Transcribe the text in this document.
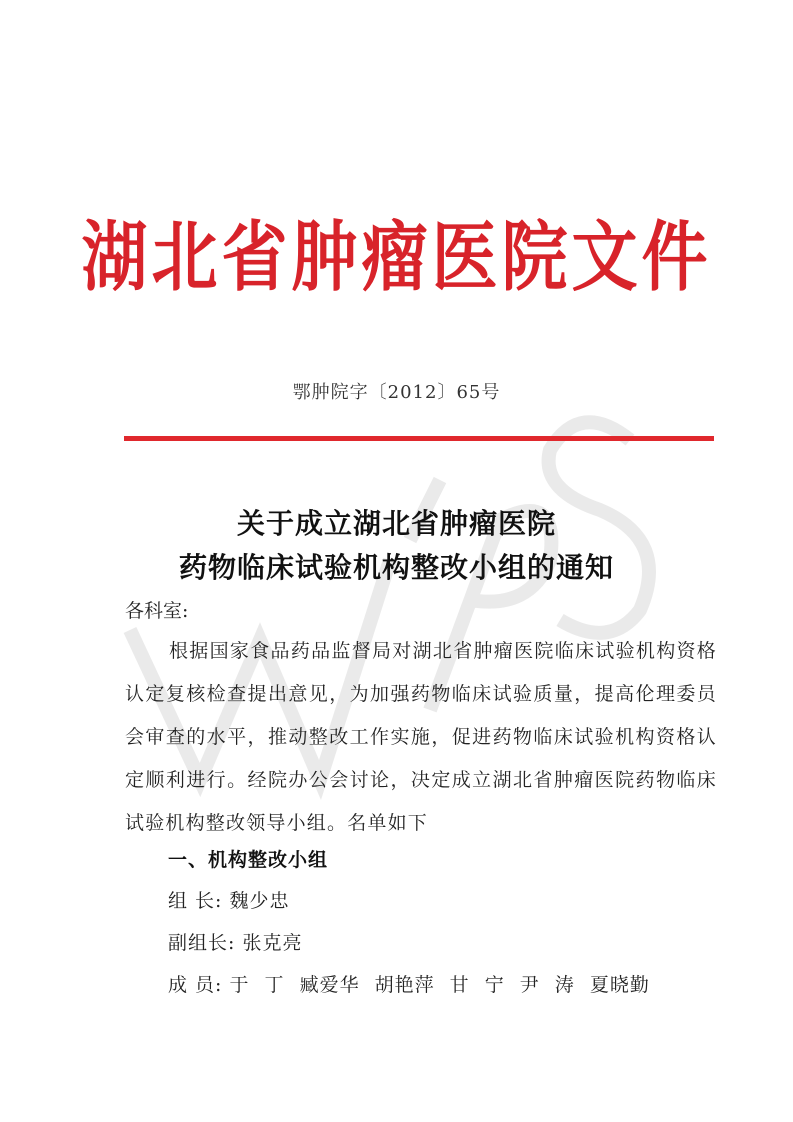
湖北省肿瘤医院文件
鄂肿院字〔2012〕65号
关于成立湖北省肿瘤医院
药物临床试验机构整改小组的通知
各科室:
根据国家食品药品监督局对湖北省肿瘤医院临床试验机构资格认定复核检查提出意见，为加强药物临床试验质量，提高伦理委员会审查的水平，推动整改工作实施，促进药物临床试验机构资格认定顺利进行。经院办公会讨论，决定成立湖北省肿瘤医院药物临床试验机构整改领导小组。名单如下
一、机构整改小组
组 长: 魏少忠
副组长: 张克亮
成 员: 于 丁 臧爱华 胡艳萍 甘 宁 尹 涛 夏晓勤
